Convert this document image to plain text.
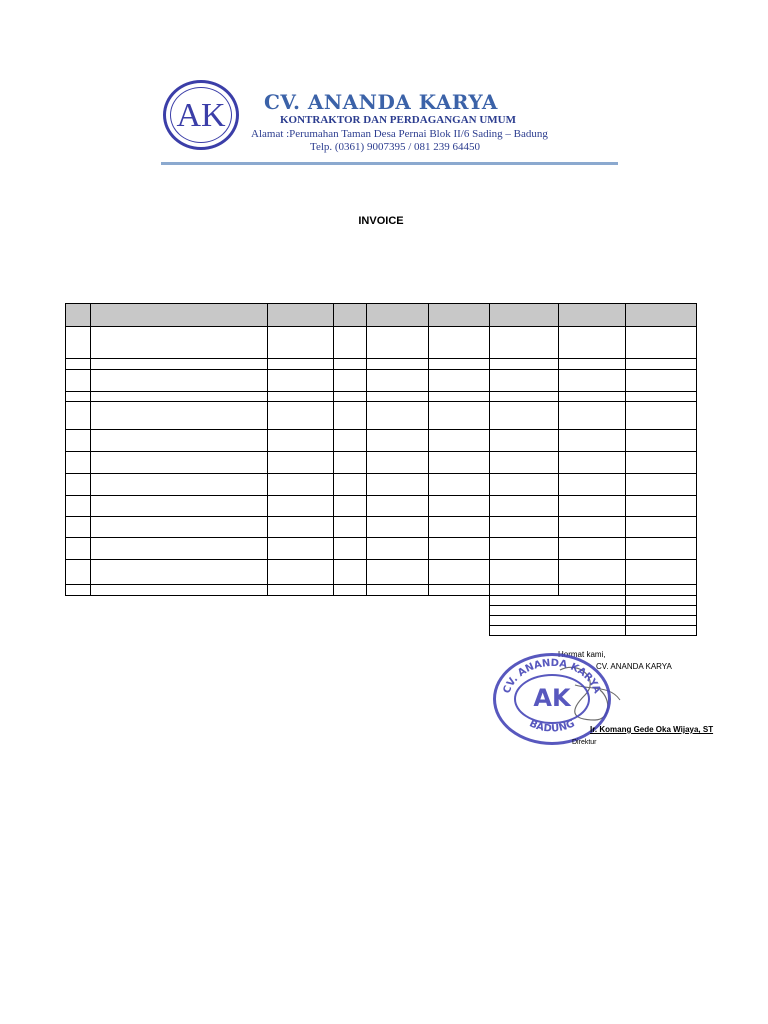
AK	CV. ANANDA KARYA
KONTRAKTOR DAN PERDAGANGAN UMUM
Alamat :Perumahan Taman Desa Pernai Blok II/6 Sading – Badung
Telp. (0361) 9007395 / 081 239 64450
INVOICE

Hormat kami,
CV. ANANDA KARYA
CV. ANANDA KARYA
BADUNG
AK
Ir. Komang Gede Oka Wijaya, ST
Direktur
